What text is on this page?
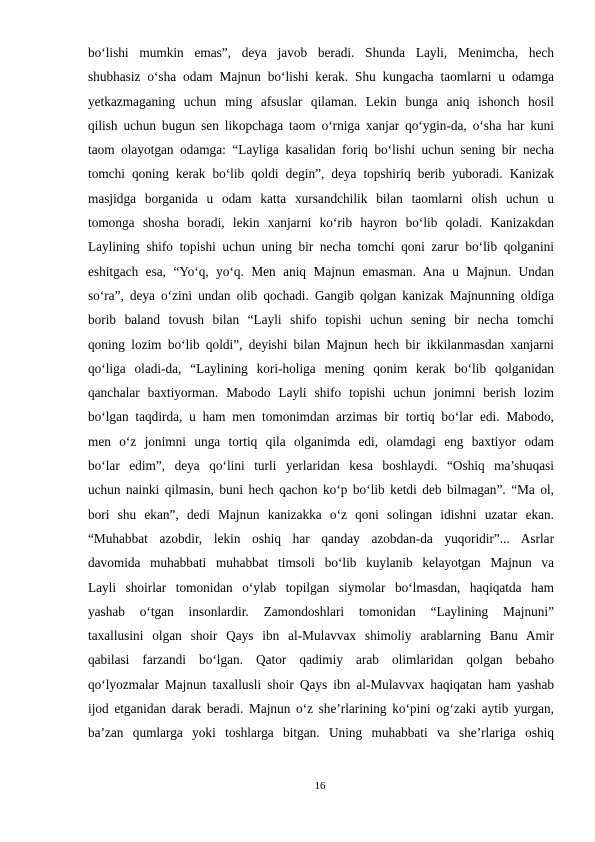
bo‘lishi mumkin emas”, deya javob beradi. Shunda Layli, Menimcha, hech
shubhasiz o‘sha odam Majnun bo‘lishi kerak. Shu kungacha taomlarni u odamga
yetkazmaganing uchun ming afsuslar qilaman. Lekin bunga aniq ishonch hosil
qilish uchun bugun sen likopchaga taom o‘rniga xanjar qo‘ygin-da, o‘sha har kuni
taom olayotgan odamga: “Layliga kasalidan foriq bo‘lishi uchun sening bir necha
tomchi qoning kerak bo‘lib qoldi degin”, deya topshiriq berib yuboradi. Kanizak
masjidga borganida u odam katta xursandchilik bilan taomlarni olish uchun u
tomonga shosha boradi, lekin xanjarni ko‘rib hayron bo‘lib qoladi. Kanizakdan
Laylining shifo topishi uchun uning bir necha tomchi qoni zarur bo‘lib qolganini
eshitgach esa, “Yo‘q, yo‘q. Men aniq Majnun emasman. Ana u Majnun. Undan
so‘ra”, deya o‘zini undan olib qochadi. Gangib qolgan kanizak Majnunning oldiga
borib baland tovush bilan “Layli shifo topishi uchun sening bir necha tomchi
qoning lozim bo‘lib qoldi”, deyishi bilan Majnun hech bir ikkilanmasdan xanjarni
qo‘liga oladi-da, “Laylining kori-holiga mening qonim kerak bo‘lib qolganidan
qanchalar baxtiyorman. Mabodo Layli shifo topishi uchun jonimni berish lozim
bo‘lgan taqdirda, u ham men tomonimdan arzimas bir tortiq bo‘lar edi. Mabodo,
men o‘z jonimni unga tortiq qila olganimda edi, olamdagi eng baxtiyor odam
bo‘lar edim”, deya qo‘lini turli yerlaridan kesa boshlaydi. “Oshiq ma’shuqasi
uchun nainki qilmasin, buni hech qachon ko‘p bo‘lib ketdi deb bilmagan”. “Ma ol,
bori shu ekan”, dedi Majnun kanizakka o‘z qoni solingan idishni uzatar ekan.
“Muhabbat azobdir, lekin oshiq har qanday azobdan-da yuqoridir”... Asrlar
davomida muhabbati muhabbat timsoli bo‘lib kuylanib kelayotgan Majnun va
Layli shoirlar tomonidan o‘ylab topilgan siymolar bo‘lmasdan, haqiqatda ham
yashab o‘tgan insonlardir. Zamondoshlari tomonidan “Laylining Majnuni”
taxallusini olgan shoir Qays ibn al-Mulavvax shimoliy arablarning Banu Amir
qabilasi farzandi bo‘lgan. Qator qadimiy arab olimlaridan qolgan bebaho
qo‘lyozmalar Majnun taxallusli shoir Qays ibn al-Mulavvax haqiqatan ham yashab
ijod etganidan darak beradi. Majnun o‘z she’rlarining ko‘pini og‘zaki aytib yurgan,
ba’zan qumlarga yoki toshlarga bitgan. Uning muhabbati va she’rlariga oshiq
16
